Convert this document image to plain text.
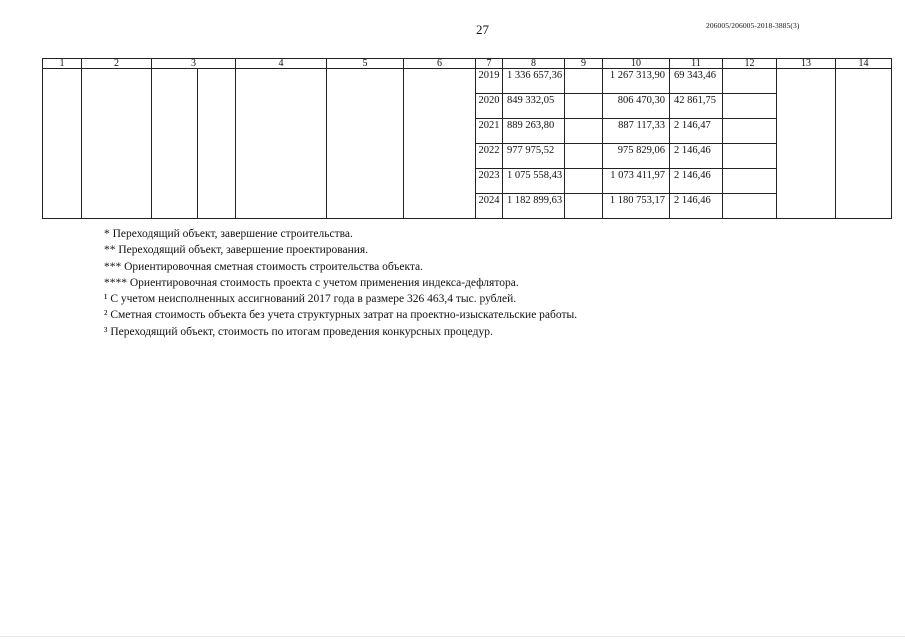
27	206005/206005-2018-3885(3)
1	2	3		4	5	6	7	8	9	10	11	12	13	14
							2019	1 336 657,36		1 267 313,90	69 343,46			
							2020	849 332,05		806 470,30	42 861,75			
							2021	889 263,80		887 117,33	2 146,47			
							2022	977 975,52		975 829,06	2 146,46			
							2023	1 075 558,43		1 073 411,97	2 146,46			
							2024	1 182 899,63		1 180 753,17	2 146,46			
* Переходящий объект, завершение строительства.
** Переходящий объект, завершение проектирования.
*** Ориентировочная сметная стоимость строительства объекта.
**** Ориентировочная стоимость проекта с учетом применения индекса-дефлятора.
¹ С учетом неисполненных ассигнований 2017 года в размере 326 463,4 тыс. рублей.
² Сметная стоимость объекта без учета структурных затрат на проектно-изыскательские работы.
³ Переходящий объект, стоимость по итогам проведения конкурсных процедур.
